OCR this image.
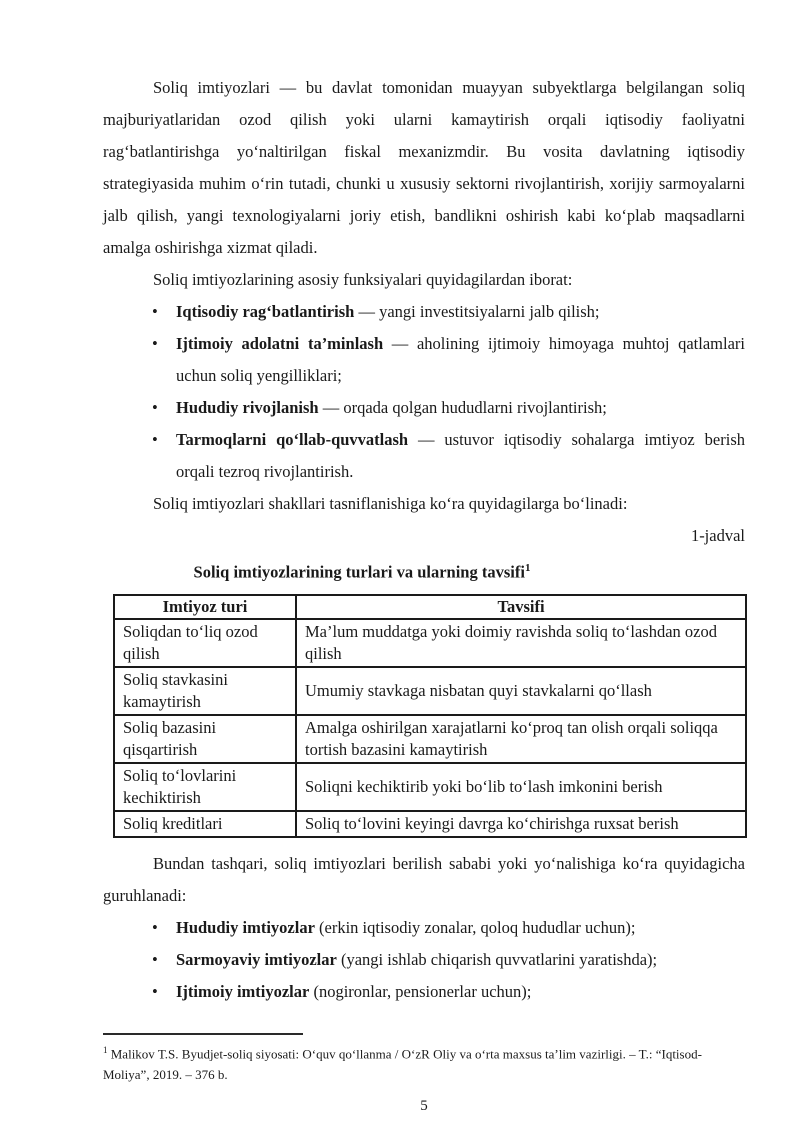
Soliq imtiyozlari — bu davlat tomonidan muayyan subyektlarga belgilangan soliq majburiyatlaridan ozod qilish yoki ularni kamaytirish orqali iqtisodiy faoliyatni rag‘batlantirishga yo‘naltirilgan fiskal mexanizmdir. Bu vosita davlatning iqtisodiy strategiyasida muhim o‘rin tutadi, chunki u xususiy sektorni rivojlantirish, xorijiy sarmoyalarni jalb qilish, yangi texnologiyalarni joriy etish, bandlikni oshirish kabi ko‘plab maqsadlarni amalga oshirishga xizmat qiladi.

Soliq imtiyozlarining asosiy funksiyalari quyidagilardan iborat:

• Iqtisodiy rag‘batlantirish — yangi investitsiyalarni jalb qilish;
• Ijtimoiy adolatni ta’minlash — aholining ijtimoiy himoyaga muhtoj qatlamlari uchun soliq yengilliklari;
• Hududiy rivojlanish — orqada qolgan hududlarni rivojlantirish;
• Tarmoqlarni qo‘llab-quvvatlash — ustuvor iqtisodiy sohalarga imtiyoz berish orqali tezroq rivojlantirish.

Soliq imtiyozlari shakllari tasniflanishiga ko‘ra quyidagilarga bo‘linadi:

1-jadval
Soliq imtiyozlarining turlari va ularning tavsifi$^1$
Imtiyoz turi	Tavsifi
Soliqdan to‘liq ozod qilish	Ma’lum muddatga yoki doimiy ravishda soliq to‘lashdan ozod qilish
Soliq stavkasini kamaytirish	Umumiy stavkaga nisbatan quyi stavkalarni qo‘llash
Soliq bazasini qisqartirish	Amalga oshirilgan xarajatlarni ko‘proq tan olish orqali soliqqa tortish bazasini kamaytirish
Soliq to‘lovlarini kechiktirish	Soliqni kechiktirib yoki bo‘lib to‘lash imkonini berish
Soliq kreditlari	Soliq to‘lovini keyingi davrga ko‘chirishga ruxsat berish

Bundan tashqari, soliq imtiyozlari berilish sababi yoki yo‘nalishiga ko‘ra quyidagicha guruhlanadi:

• Hududiy imtiyozlar (erkin iqtisodiy zonalar, qoloq hududlar uchun);
• Sarmoyaviy imtiyozlar (yangi ishlab chiqarish quvvatlarini yaratishda);
• Ijtimoiy imtiyozlar (nogironlar, pensionerlar uchun);

$^1$ Malikov T.S. Byudjet-soliq siyosati: O‘quv qo‘llanma / O‘zR Oliy va o‘rta maxsus ta’lim vazirligi. – T.: “Iqtisod-Moliya”, 2019. – 376 b.

5
